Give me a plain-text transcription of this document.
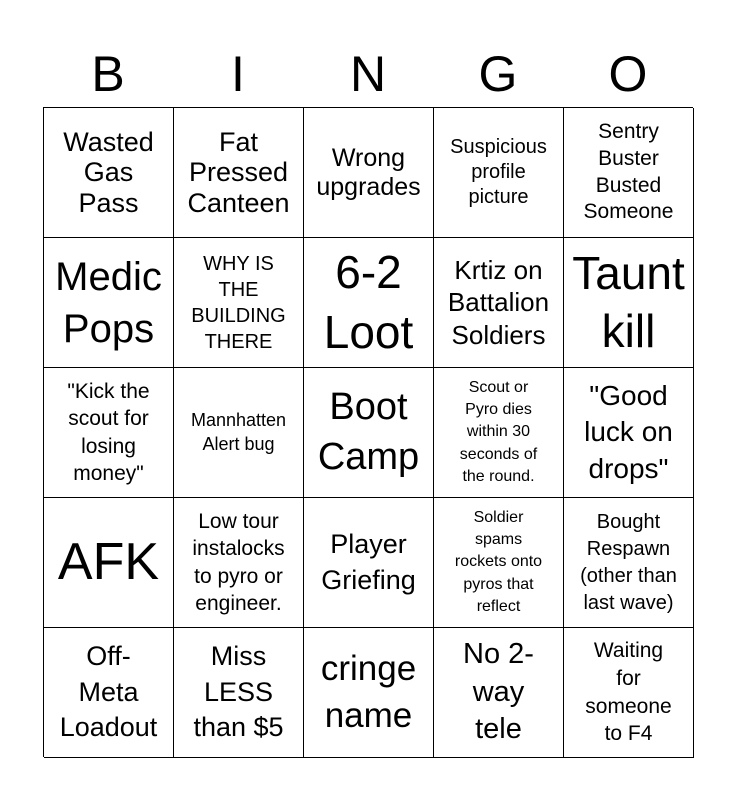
B	I	N	G	O
Wasted
Gas
Pass
Fat
Pressed
Canteen
Wrong
upgrades
Suspicious
profile
picture
Sentry
Buster
Busted
Someone
Medic
Pops
WHY IS
THE
BUILDING
THERE
6-2
Loot
Krtiz on
Battalion
Soldiers
Taunt
kill
"Kick the
scout for
losing
money"
Mannhatten
Alert bug
Boot
Camp
Scout or
Pyro dies
within 30
seconds of
the round.
"Good
luck on
drops"
AFK
Low tour
instalocks
to pyro or
engineer.
Player
Griefing
Soldier
spams
rockets onto
pyros that
reflect
Bought
Respawn
(other than
last wave)
Off-
Meta
Loadout
Miss
LESS
than $5
cringe
name
No 2-
way
tele
Waiting
for
someone
to F4
